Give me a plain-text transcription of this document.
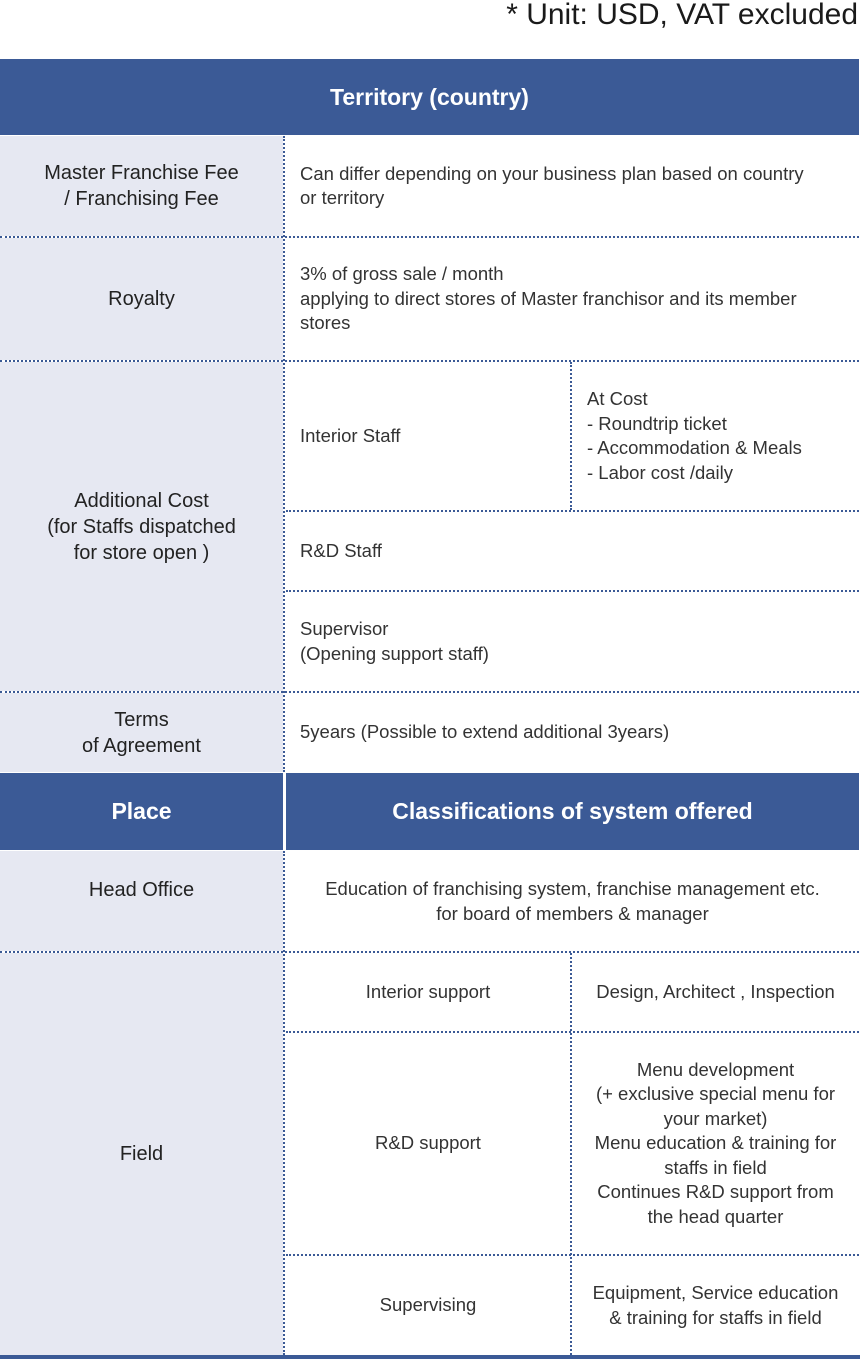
* Unit: USD, VAT excluded
Territory (country)
Master Franchise Fee
/ Franchising Fee
Royalty
Additional Cost
(for Staffs dispatched
for store open )
Terms
of Agreement
Can differ depending on your business plan based on country
or territory
3% of gross sale / month
applying to direct stores of Master franchisor and its member
stores
Interior Staff
At Cost
- Roundtrip ticket
- Accommodation & Meals
- Labor cost /daily
R&D Staff
Supervisor
(Opening support staff)
5years (Possible to extend additional 3years)
Place	Classifications of system offered
Head Office
Field
Education of franchising system, franchise management etc.
for board of members & manager
Interior support	Design, Architect , Inspection
R&D support
Menu development
(+ exclusive special menu for
your market)
Menu education & training for
staffs in field
Continues R&D support from
the head quarter
Supervising
Equipment, Service education
& training for staffs in field
